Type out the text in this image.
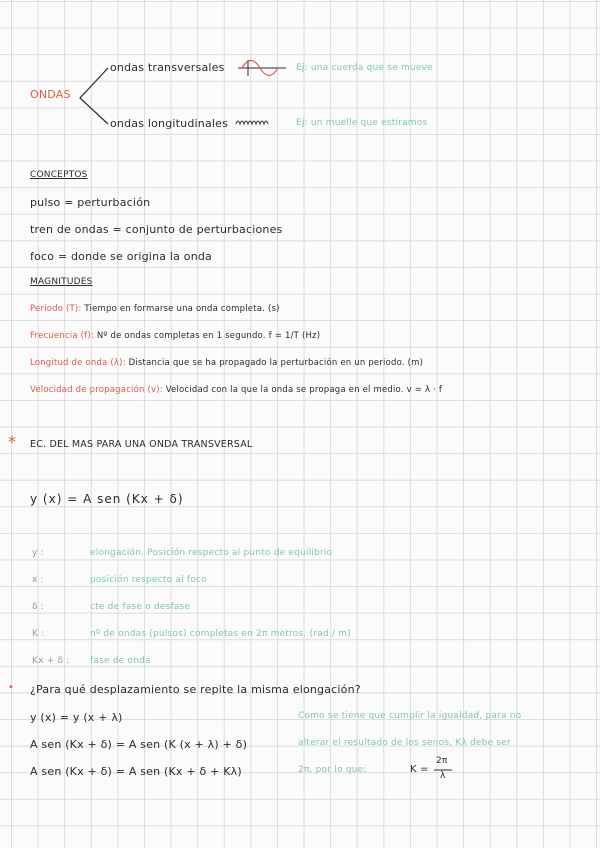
ONDAS
ondas transversales	Ej: una cuerda que se mueve
ondas longitudinales	Ej: un muelle que estiramos
CONCEPTOS
pulso = perturbación
tren de ondas = conjunto de perturbaciones
foco = donde se origina la onda
MAGNITUDES
Periodo (T): Tiempo en formarse una onda completa. (s)
Frecuencia (f): Nº de ondas completas en 1 segundo. f = 1/T (Hz)
Longitud de onda (λ): Distancia que se ha propagado la perturbación en un periodo. (m)
Velocidad de propagación (v): Velocidad con la que la onda se propaga en el medio. v = λ · f
* EC. DEL MAS PARA UNA ONDA TRANSVERSAL
y (x) = A sen (Kx + δ)
y :	elongación. Posición respecto al punto de equilibrio
x :	posición respecto al foco
δ :	cte de fase o desfase
K :	nº de ondas (pulsos) completas en 2π metros. (rad / m)
Kx + δ : fase de onda
• ¿Para qué desplazamiento se repite la misma elongación?
y (x) = y (x + λ)
A sen (Kx + δ) = A sen (K (x + λ) + δ)
A sen (Kx + δ) = A sen (Kx + δ + Kλ)
Como se tiene que cumplir la igualdad, para no
alterar el resultado de los senos, Kλ debe ser
2π, por lo que:	K =
2π
λ
